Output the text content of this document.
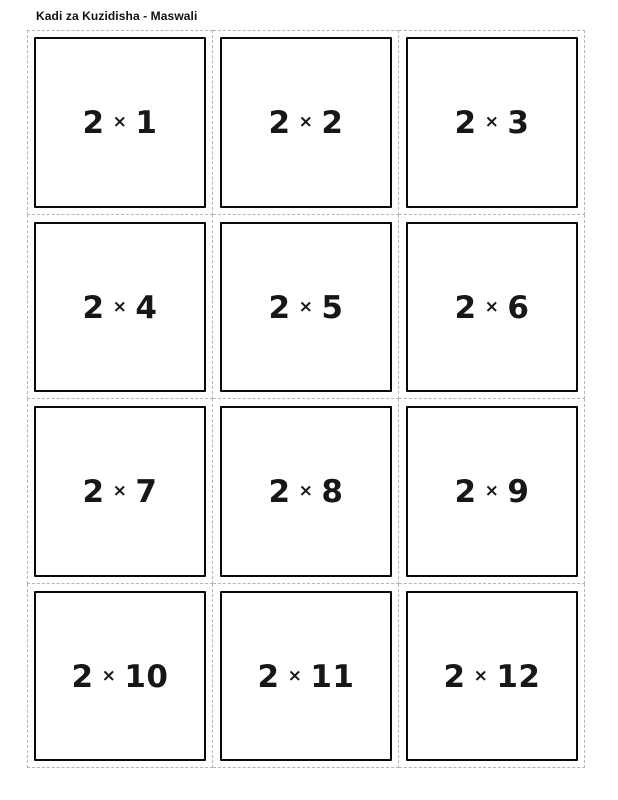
Kadi za Kuzidisha - Maswali
2 × 1	2 × 2	2 × 3
2 × 4	2 × 5	2 × 6
2 × 7	2 × 8	2 × 9
2 × 10	2 × 11	2 × 12
